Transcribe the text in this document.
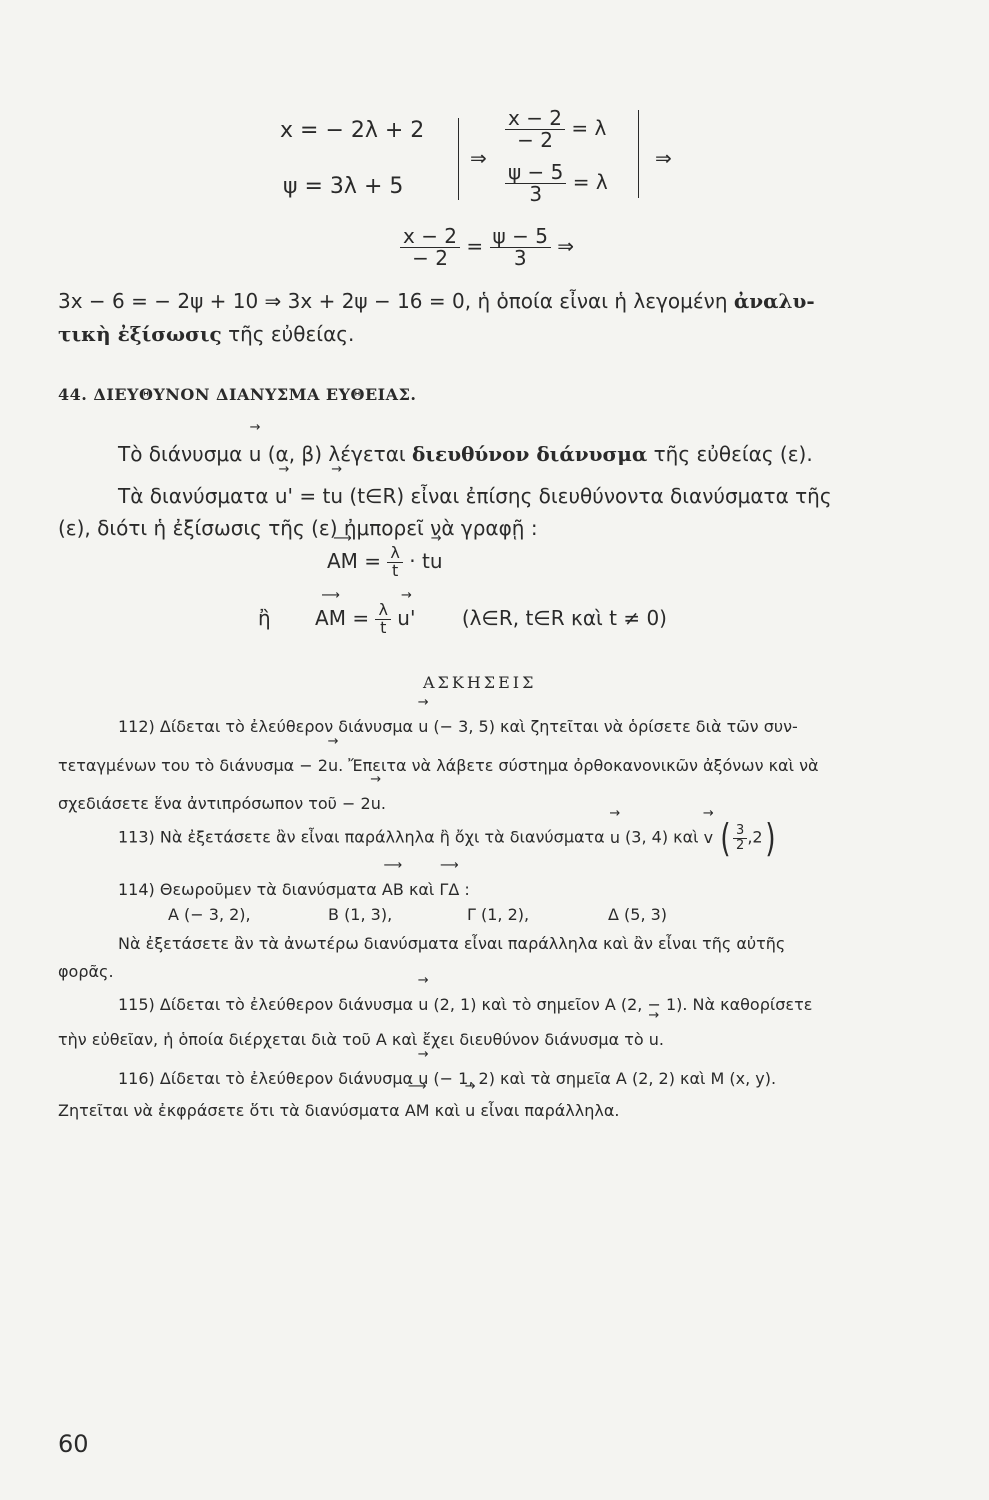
x = − 2λ + 2
ψ = 3λ + 5
⇒
$\frac{x - 2}{- 2} = \lambda$
$\frac{\psi - 5}{3} = \lambda$
⇒
$\frac{x - 2}{- 2} = \frac{\psi - 5}{3}$ ⇒
3x − 6 = − 2ψ + 10 ⇒ 3x + 2ψ − 16 = 0, ἡ ὁποία εἶναι ἡ λεγομένη ἀναλυ-
τικὴ ἐξίσωσις τῆς εὐθείας.
44. ΔΙΕΥΘΥΝΟΝ ΔΙΑΝΥΣΜΑ ΕΥΘΕΙΑΣ.
Τὸ διάνυσμα → u (α, β) λέγεται διευθύνον διάνυσμα τῆς εὐθείας (ε).
Τὰ διανύσματα → u' = t→ u (t∈R) εἶναι ἐπίσης διευθύνοντα διανύσματα τῆς
(ε), διότι ἡ ἐξίσωσις τῆς (ε) ἠμπορεῖ νὰ γραφῇ :
⟶ AM = $\frac{\lambda}{t} \cdot t\to u$
ἢ ⟶ AM = $\frac{\lambda}{t}$
→ u' (λ∈R, t∈R καὶ t ≠ 0)
ΑΣΚΗΣΕΙΣ
112) Δίδεται τὸ ἐλεύθερον διάνυσμα → u (− 3, 5) καὶ ζητεῖται νὰ ὁρίσετε διὰ τῶν συν-
τεταγμένων του τὸ διάνυσμα − 2→ u. Ἔπειτα νὰ λάβετε σύστημα ὀρθοκανονικῶν ἀξόνων καὶ νὰ
σχεδιάσετε ἕνα ἀντιπρόσωπον τοῦ − 2→ u.
113) Νὰ ἐξετάσετε ἂν εἶναι παράλληλα ἢ ὄχι τὰ διανύσματα → u (3, 4) καὶ → v ( $\frac{3}{2} ,2$)
114) Θεωροῦμεν τὰ διανύσματα ⟶ AB καὶ ⟶ ΓΔ :
A (− 3, 2),	B (1, 3),	Γ (1, 2),	Δ (5, 3)
Νὰ ἐξετάσετε ἂν τὰ ἀνωτέρω διανύσματα εἶναι παράλληλα καὶ ἂν εἶναι τῆς αὐτῆς
φορᾶς.
115) Δίδεται τὸ ἐλεύθερον διάνυσμα → u (2, 1) καὶ τὸ σημεῖον A (2, − 1). Νὰ καθορίσετε
τὴν εὐθεῖαν, ἡ ὁποία διέρχεται διὰ τοῦ A καὶ ἔχει διευθύνον διάνυσμα τὸ → u.
116) Δίδεται τὸ ἐλεύθερον διάνυσμα → u (− 1, 2) καὶ τὰ σημεῖα A (2, 2) καὶ M (x, y).
Ζητεῖται νὰ ἐκφράσετε ὅτι τὰ διανύσματα ⟶ AM καὶ → u εἶναι παράλληλα.
60
